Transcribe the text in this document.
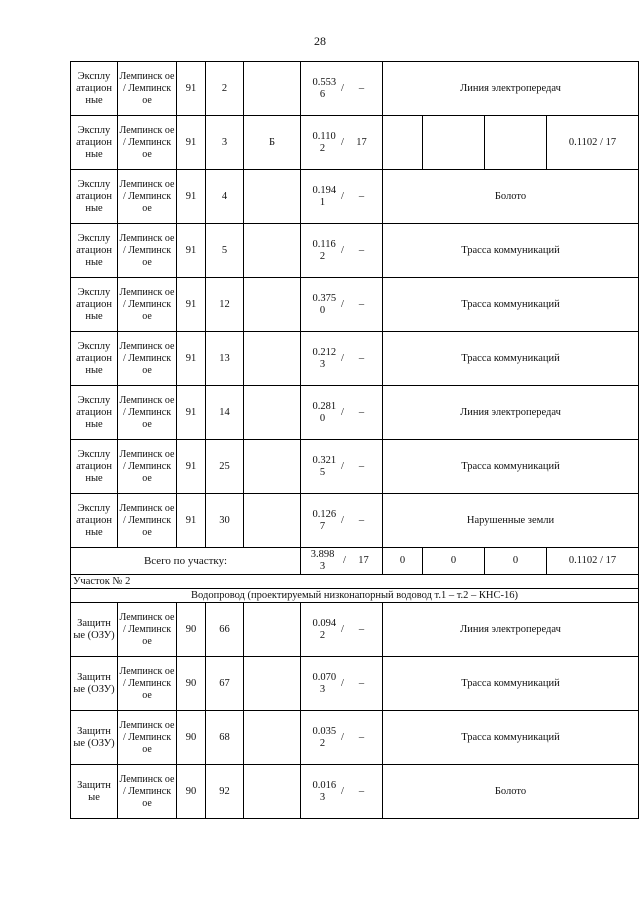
28
Эксплу атацион ные	Лемпинск ое / Лемпинск ое	91	2		0.553 6/ –	Линия электропередач			
Эксплу атацион ные	Лемпинск ое / Лемпинск ое	91	3	Б	0.110 2/ 17				0.1102 / 17
Эксплу атацион ные	Лемпинск ое / Лемпинск ое	91	4		0.194 1/ –	Болото			
Эксплу атацион ные	Лемпинск ое / Лемпинск ое	91	5		0.116 2/ –	Трасса коммуникаций			
Эксплу атацион ные	Лемпинск ое / Лемпинск ое	91	12		0.375 0/ –	Трасса коммуникаций			
Эксплу атацион ные	Лемпинск ое / Лемпинск ое	91	13		0.212 3/ –	Трасса коммуникаций			
Эксплу атацион ные	Лемпинск ое / Лемпинск ое	91	14		0.281 0/ –	Линия электропередач			
Эксплу атацион ные	Лемпинск ое / Лемпинск ое	91	25		0.321 5/ –	Трасса коммуникаций			
Эксплу атацион ные	Лемпинск ое / Лемпинск ое	91	30		0.126 7/ –	Нарушенные земли			
Всего по участку:					3.898 3/ 17	0	0	0	0.1102 / 17
Участок № 2									
Водопровод (проектируемый низконапорный водовод т.1 – т.2 – КНС-16)									
Защитн ые (ОЗУ)	Лемпинск ое / Лемпинск ое	90	66		0.094 2/ –	Линия электропередач			
Защитн ые (ОЗУ)	Лемпинск ое / Лемпинск ое	90	67		0.070 3/ –	Трасса коммуникаций			
Защитн ые (ОЗУ)	Лемпинск ое / Лемпинск ое	90	68		0.035 2/ –	Трасса коммуникаций			
Защитн ые	Лемпинск ое / Лемпинск ое	90	92		0.016 3/ –	Болото			
